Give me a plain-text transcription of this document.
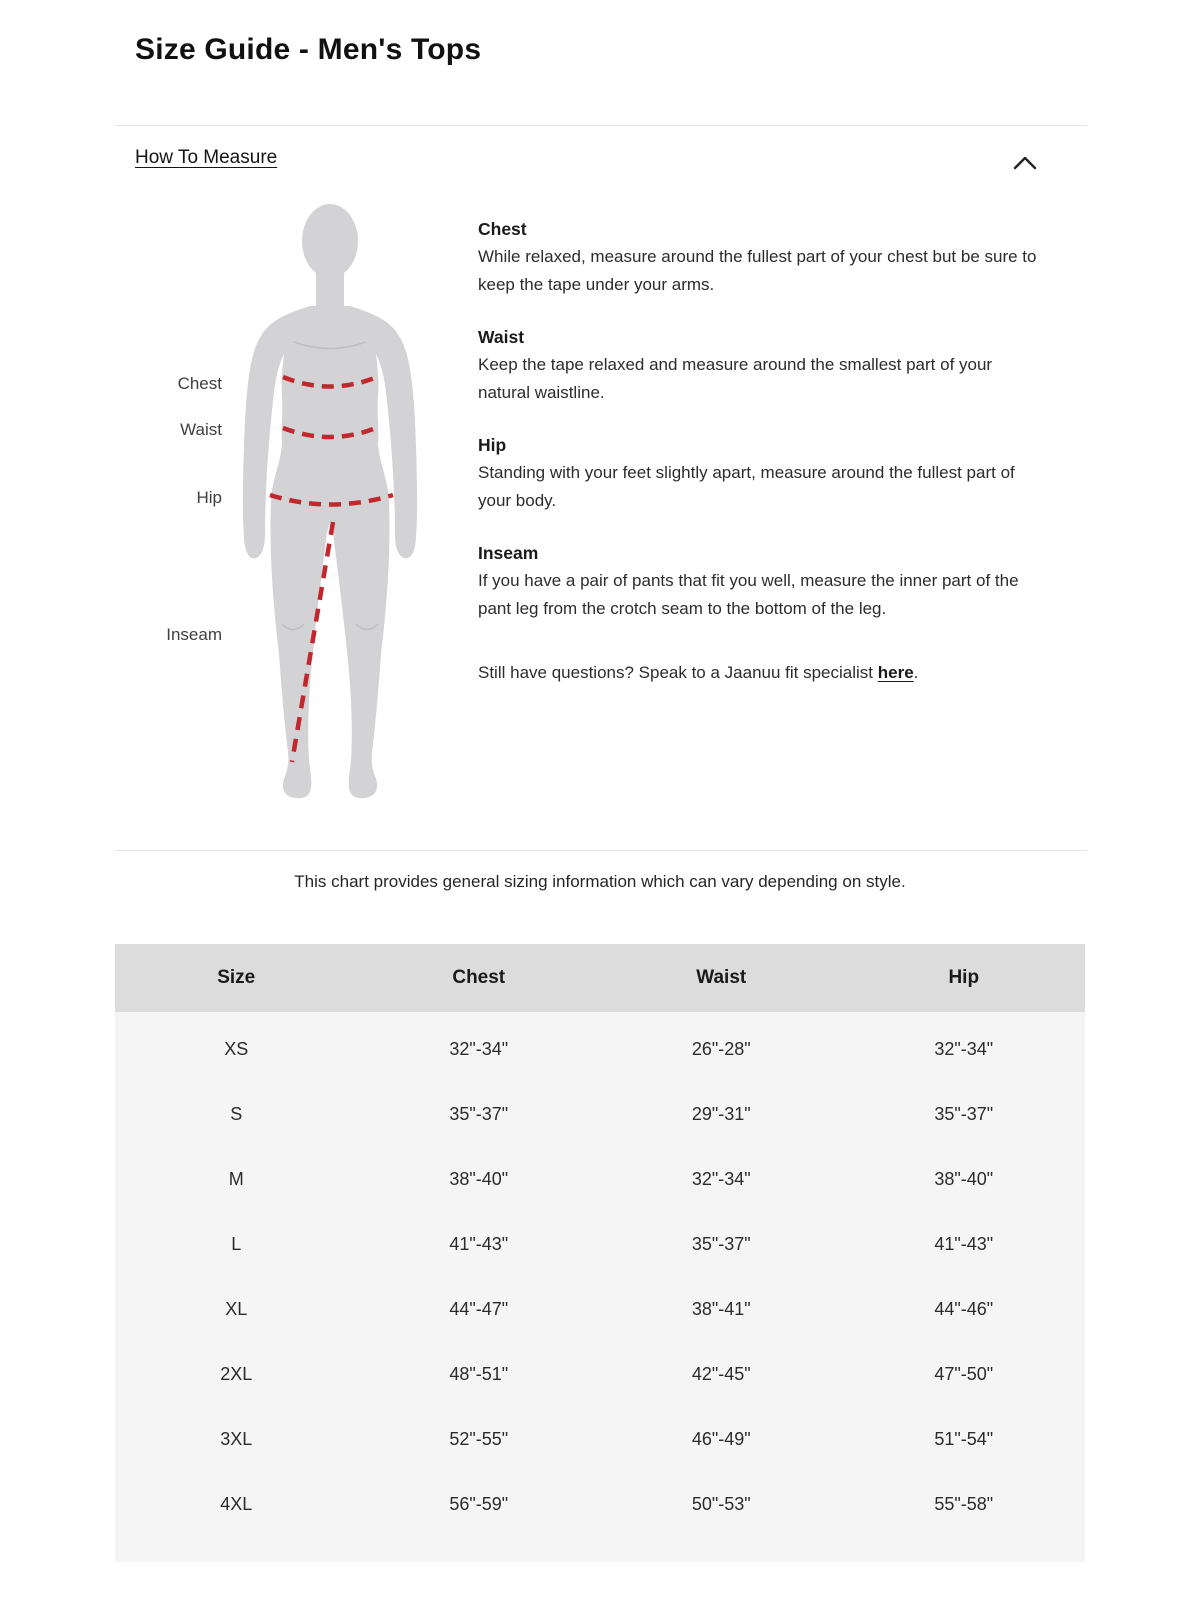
Size Guide - Men's Tops
How To Measure
Chest
Waist
Hip
Inseam
Chest
While relaxed, measure around the fullest part of your chest but be sure to keep the tape under your arms.
Waist
Keep the tape relaxed and measure around the smallest part of your natural waistline.
Hip
Standing with your feet slightly apart, measure around the fullest part of your body.
Inseam
If you have a pair of pants that fit you well, measure the inner part of the pant leg from the crotch seam to the bottom of the leg.

Still have questions? Speak to a Jaanuu fit specialist here.

This chart provides general sizing information which can vary depending on style.
Size	Chest	Waist	Hip
XS	32"-34"	26ʺ-28ʺ	32"-34"
S	35"-37"	29ʺ-31ʺ	35"-37"
M	38"-40"	32ʺ-34ʺ	38"-40"
L	41"-43"	35ʺ-37ʺ	41"-43"
XL	44"-47"	38ʺ-41ʺ	44"-46"
2XL	48"-51"	42ʺ-45ʺ	47"-50"
3XL	52"-55"	46ʺ-49ʺ	51"-54"
4XL	56"-59"	50ʺ-53ʺ	55"-58"
